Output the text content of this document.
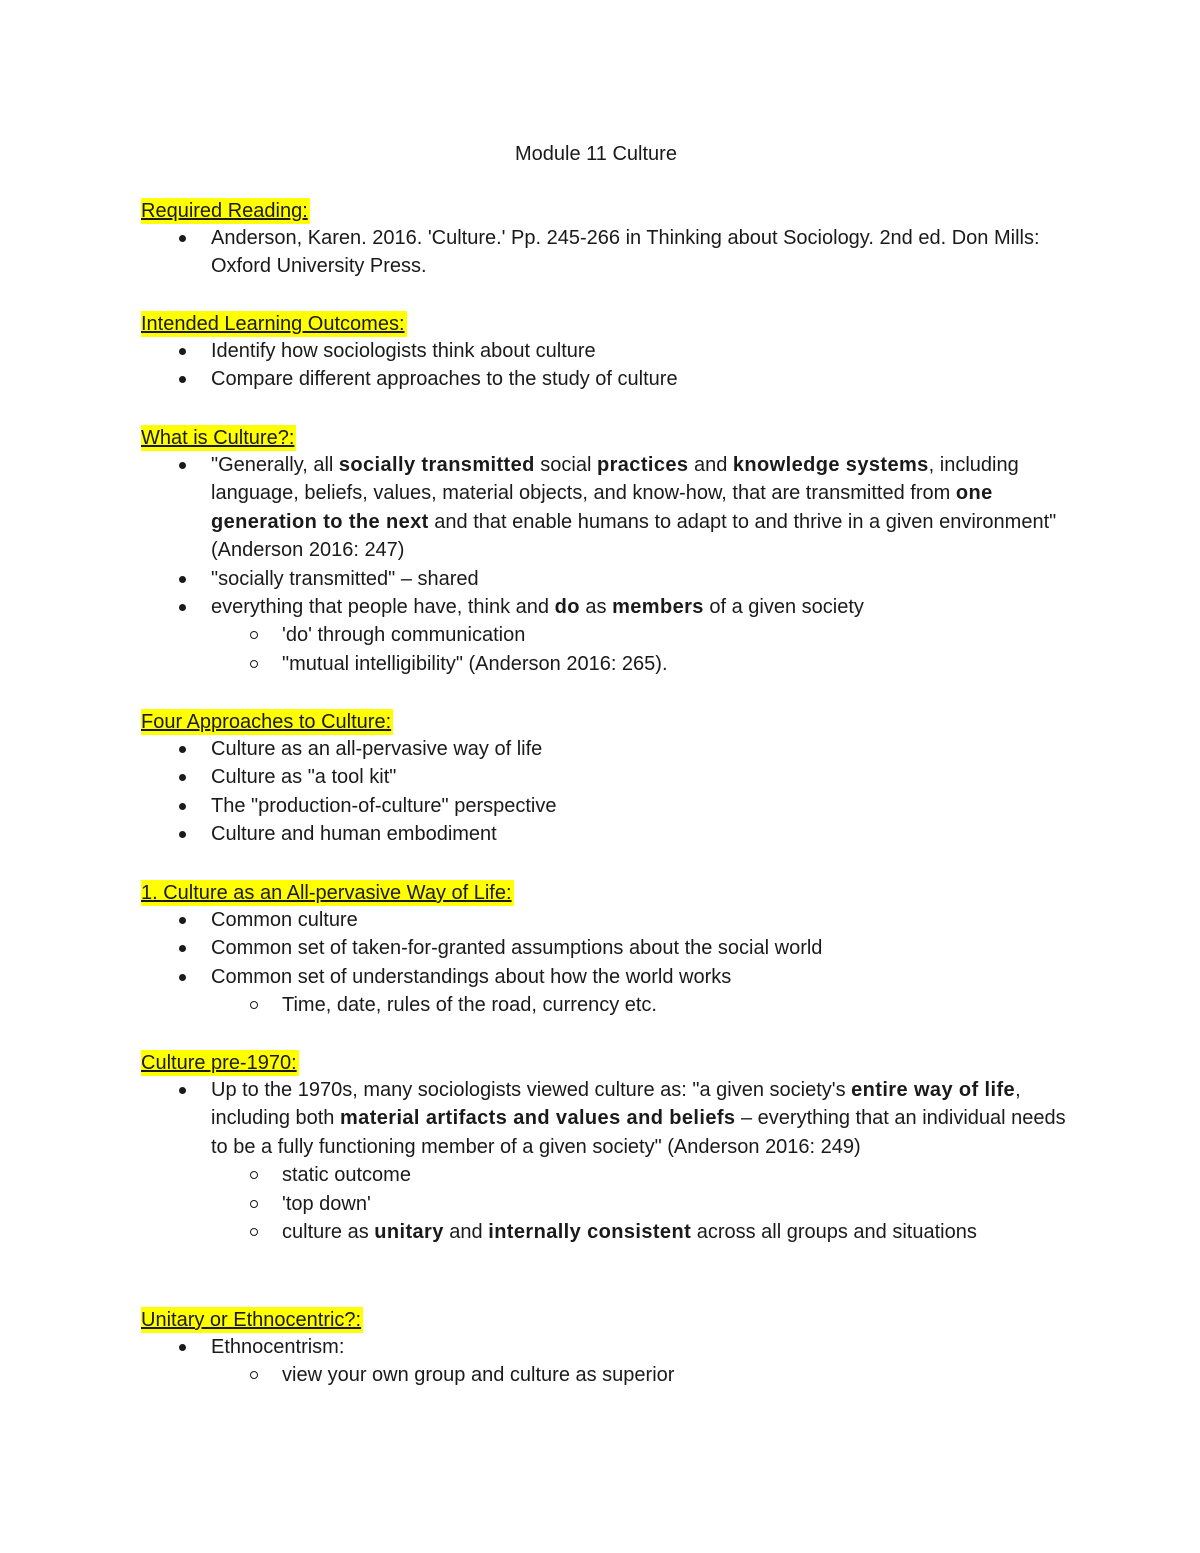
Module 11 Culture
Required Reading:
Anderson, Karen. 2016. 'Culture.' Pp. 245-266 in Thinking about Sociology. 2nd ed. Don Mills: Oxford University Press.
Intended Learning Outcomes:
Identify how sociologists think about culture
Compare different approaches to the study of culture
What is Culture?:
"Generally, all socially transmitted social practices and knowledge systems, including language, beliefs, values, material objects, and know-how, that are transmitted from one generation to the next and that enable humans to adapt to and thrive in a given environment" (Anderson 2016: 247)
"socially transmitted" – shared
everything that people have, think and do as members of a given society
'do' through communication
"mutual intelligibility" (Anderson 2016: 265).
Four Approaches to Culture:
Culture as an all-pervasive way of life
Culture as "a tool kit"
The "production-of-culture" perspective
Culture and human embodiment
1. Culture as an All-pervasive Way of Life:
Common culture
Common set of taken-for-granted assumptions about the social world
Common set of understandings about how the world works
Time, date, rules of the road, currency etc.
Culture pre-1970:
Up to the 1970s, many sociologists viewed culture as: "a given society's entire way of life, including both material artifacts and values and beliefs – everything that an individual needs to be a fully functioning member of a given society" (Anderson 2016: 249)
static outcome
'top down'
culture as unitary and internally consistent across all groups and situations
Unitary or Ethnocentric?:
Ethnocentrism:
view your own group and culture as superior
